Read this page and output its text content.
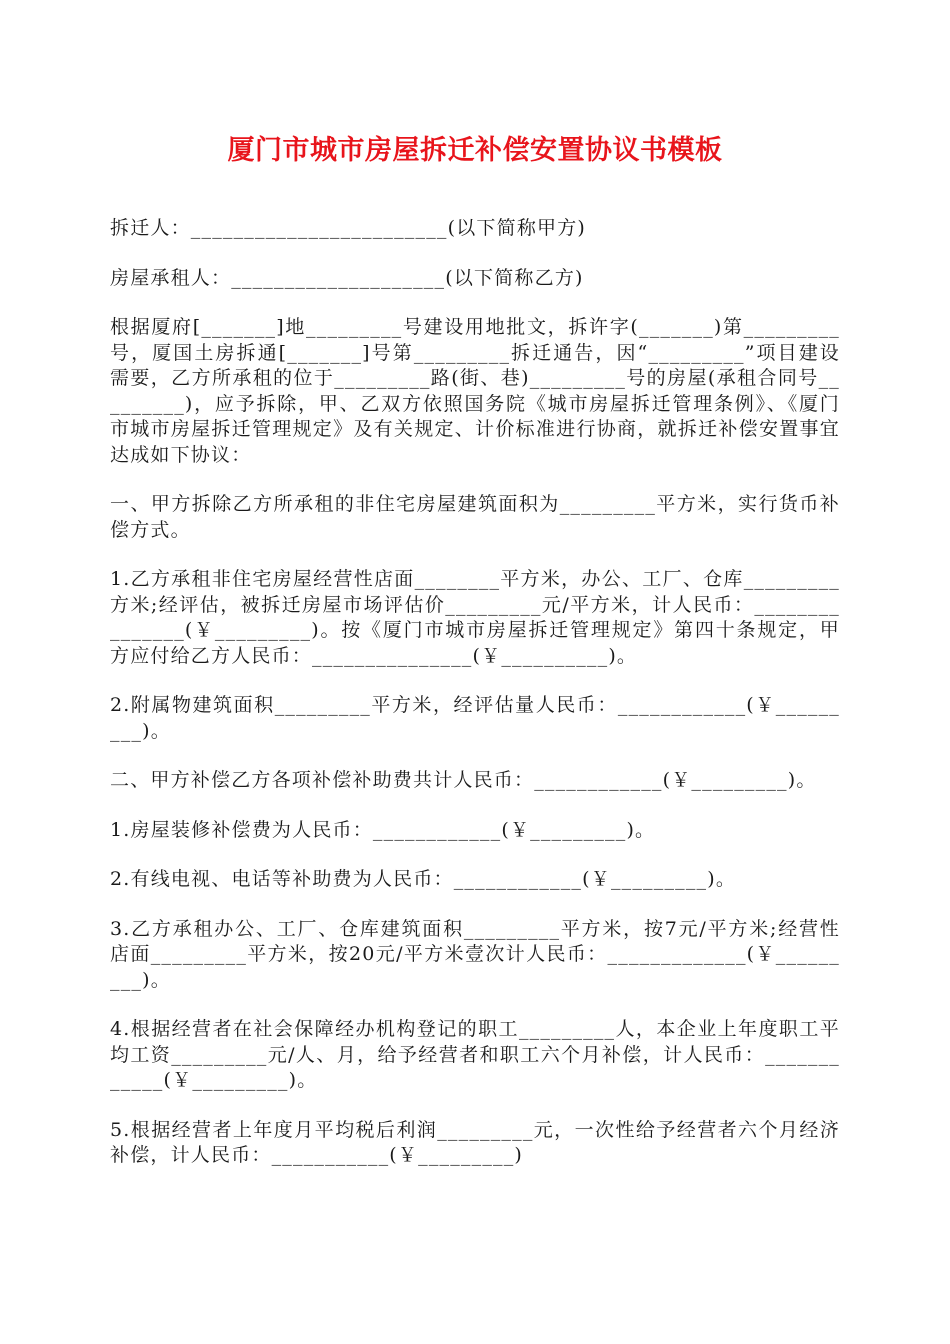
厦门市城市房屋拆迁补偿安置协议书模板

拆迁人：________________________(以下简称甲方)

房屋承租人：____________________(以下简称乙方)

根据厦府[_______]地_________号建设用地批文，拆许字(_______)第_________号，厦国土房拆通[_______]号第_________拆迁通告，因“_________”项目建设需要，乙方所承租的位于_________路(街、巷)_________号的房屋(承租合同号_________)，应予拆除，甲、乙双方依照国务院《城市房屋拆迁管理条例》、《厦门市城市房屋拆迁管理规定》及有关规定、计价标准进行协商，就拆迁补偿安置事宜达成如下协议：

一、甲方拆除乙方所承租的非住宅房屋建筑面积为_________平方米，实行货币补偿方式。

1.乙方承租非住宅房屋经营性店面________平方米，办公、工厂、仓库_________方米;经评估，被拆迁房屋市场评估价_________元/平方米，计人民币：_______________(￥_________)。按《厦门市城市房屋拆迁管理规定》第四十条规定，甲方应付给乙方人民币：_______________(￥__________)。

2.附属物建筑面积_________平方米，经评估量人民币：____________(￥_________)。

二、甲方补偿乙方各项补偿补助费共计人民币：____________(￥_________)。

1.房屋装修补偿费为人民币：____________(￥_________)。

2.有线电视、电话等补助费为人民币：____________(￥_________)。

3.乙方承租办公、工厂、仓库建筑面积_________平方米，按7元/平方米;经营性店面_________平方米，按20元/平方米壹次计人民币：_____________(￥_________)。

4.根据经营者在社会保障经办机构登记的职工_________人，本企业上年度职工平均工资_________元/人、月，给予经营者和职工六个月补偿，计人民币：____________(￥_________)。

5.根据经营者上年度月平均税后利润_________元，一次性给予经营者六个月经济补偿，计人民币：___________(￥_________)
